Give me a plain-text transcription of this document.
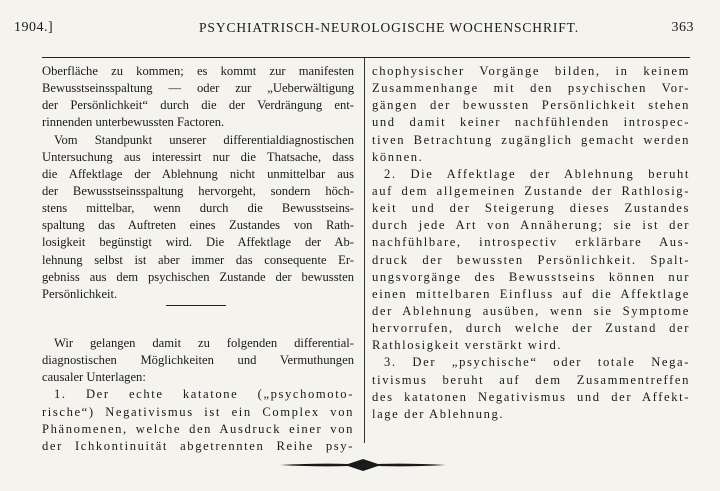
1904.]	PSYCHIATRISCH-NEUROLOGISCHE WOCHENSCHRIFT.	363
Oberfläche zu kommen; es kommt zur manifesten
Bewusstseinsspaltung — oder zur „Ueberwältigung
der Persönlichkeit“ durch die der Verdrängung ent-
rinnenden unterbewussten Factoren.
Vom Standpunkt unserer differentialdiagnostischen
Untersuchung aus interessirt nur die Thatsache, dass
die Affektlage der Ablehnung nicht unmittelbar aus
der Bewusstseinsspaltung hervorgeht, sondern höch-
stens mittelbar, wenn durch die Bewusstseins-
spaltung das Auftreten eines Zustandes von Rath-
losigkeit begünstigt wird. Die Affektlage der Ab-
lehnung selbst ist aber immer das consequente Er-
gebniss aus dem psychischen Zustande der bewussten
Persönlichkeit.
Wir gelangen damit zu folgenden differential-
diagnostischen Möglichkeiten und Vermuthungen
causaler Unterlagen:
1. Der echte katatone („psychomoto-
rische“) Negativismus ist ein Complex von
Phänomenen, welche den Ausdruck einer von
der Ichkontinuität abgetrennten Reihe psy-
chophysischer Vorgänge bilden, in keinem
Zusammenhange mit den psychischen Vor-
gängen der bewussten Persönlichkeit stehen
und damit keiner nachfühlenden introspec-
tiven Betrachtung zugänglich gemacht werden
können.
2. Die Affektlage der Ablehnung beruht
auf dem allgemeinen Zustande der Rathlosig-
keit und der Steigerung dieses Zustandes
durch jede Art von Annäherung; sie ist der
nachfühlbare, introspectiv erklärbare Aus-
druck der bewussten Persönlichkeit. Spalt-
ungsvorgänge des Bewusstseins können nur
einen mittelbaren Einfluss auf die Affektlage
der Ablehnung ausüben, wenn sie Symptome
hervorrufen, durch welche der Zustand der
Rathlosigkeit verstärkt wird.
3. Der „psychische“ oder totale Nega-
tivismus beruht auf dem Zusammentreffen
des katatonen Negativismus und der Affekt-
lage der Ablehnung.
